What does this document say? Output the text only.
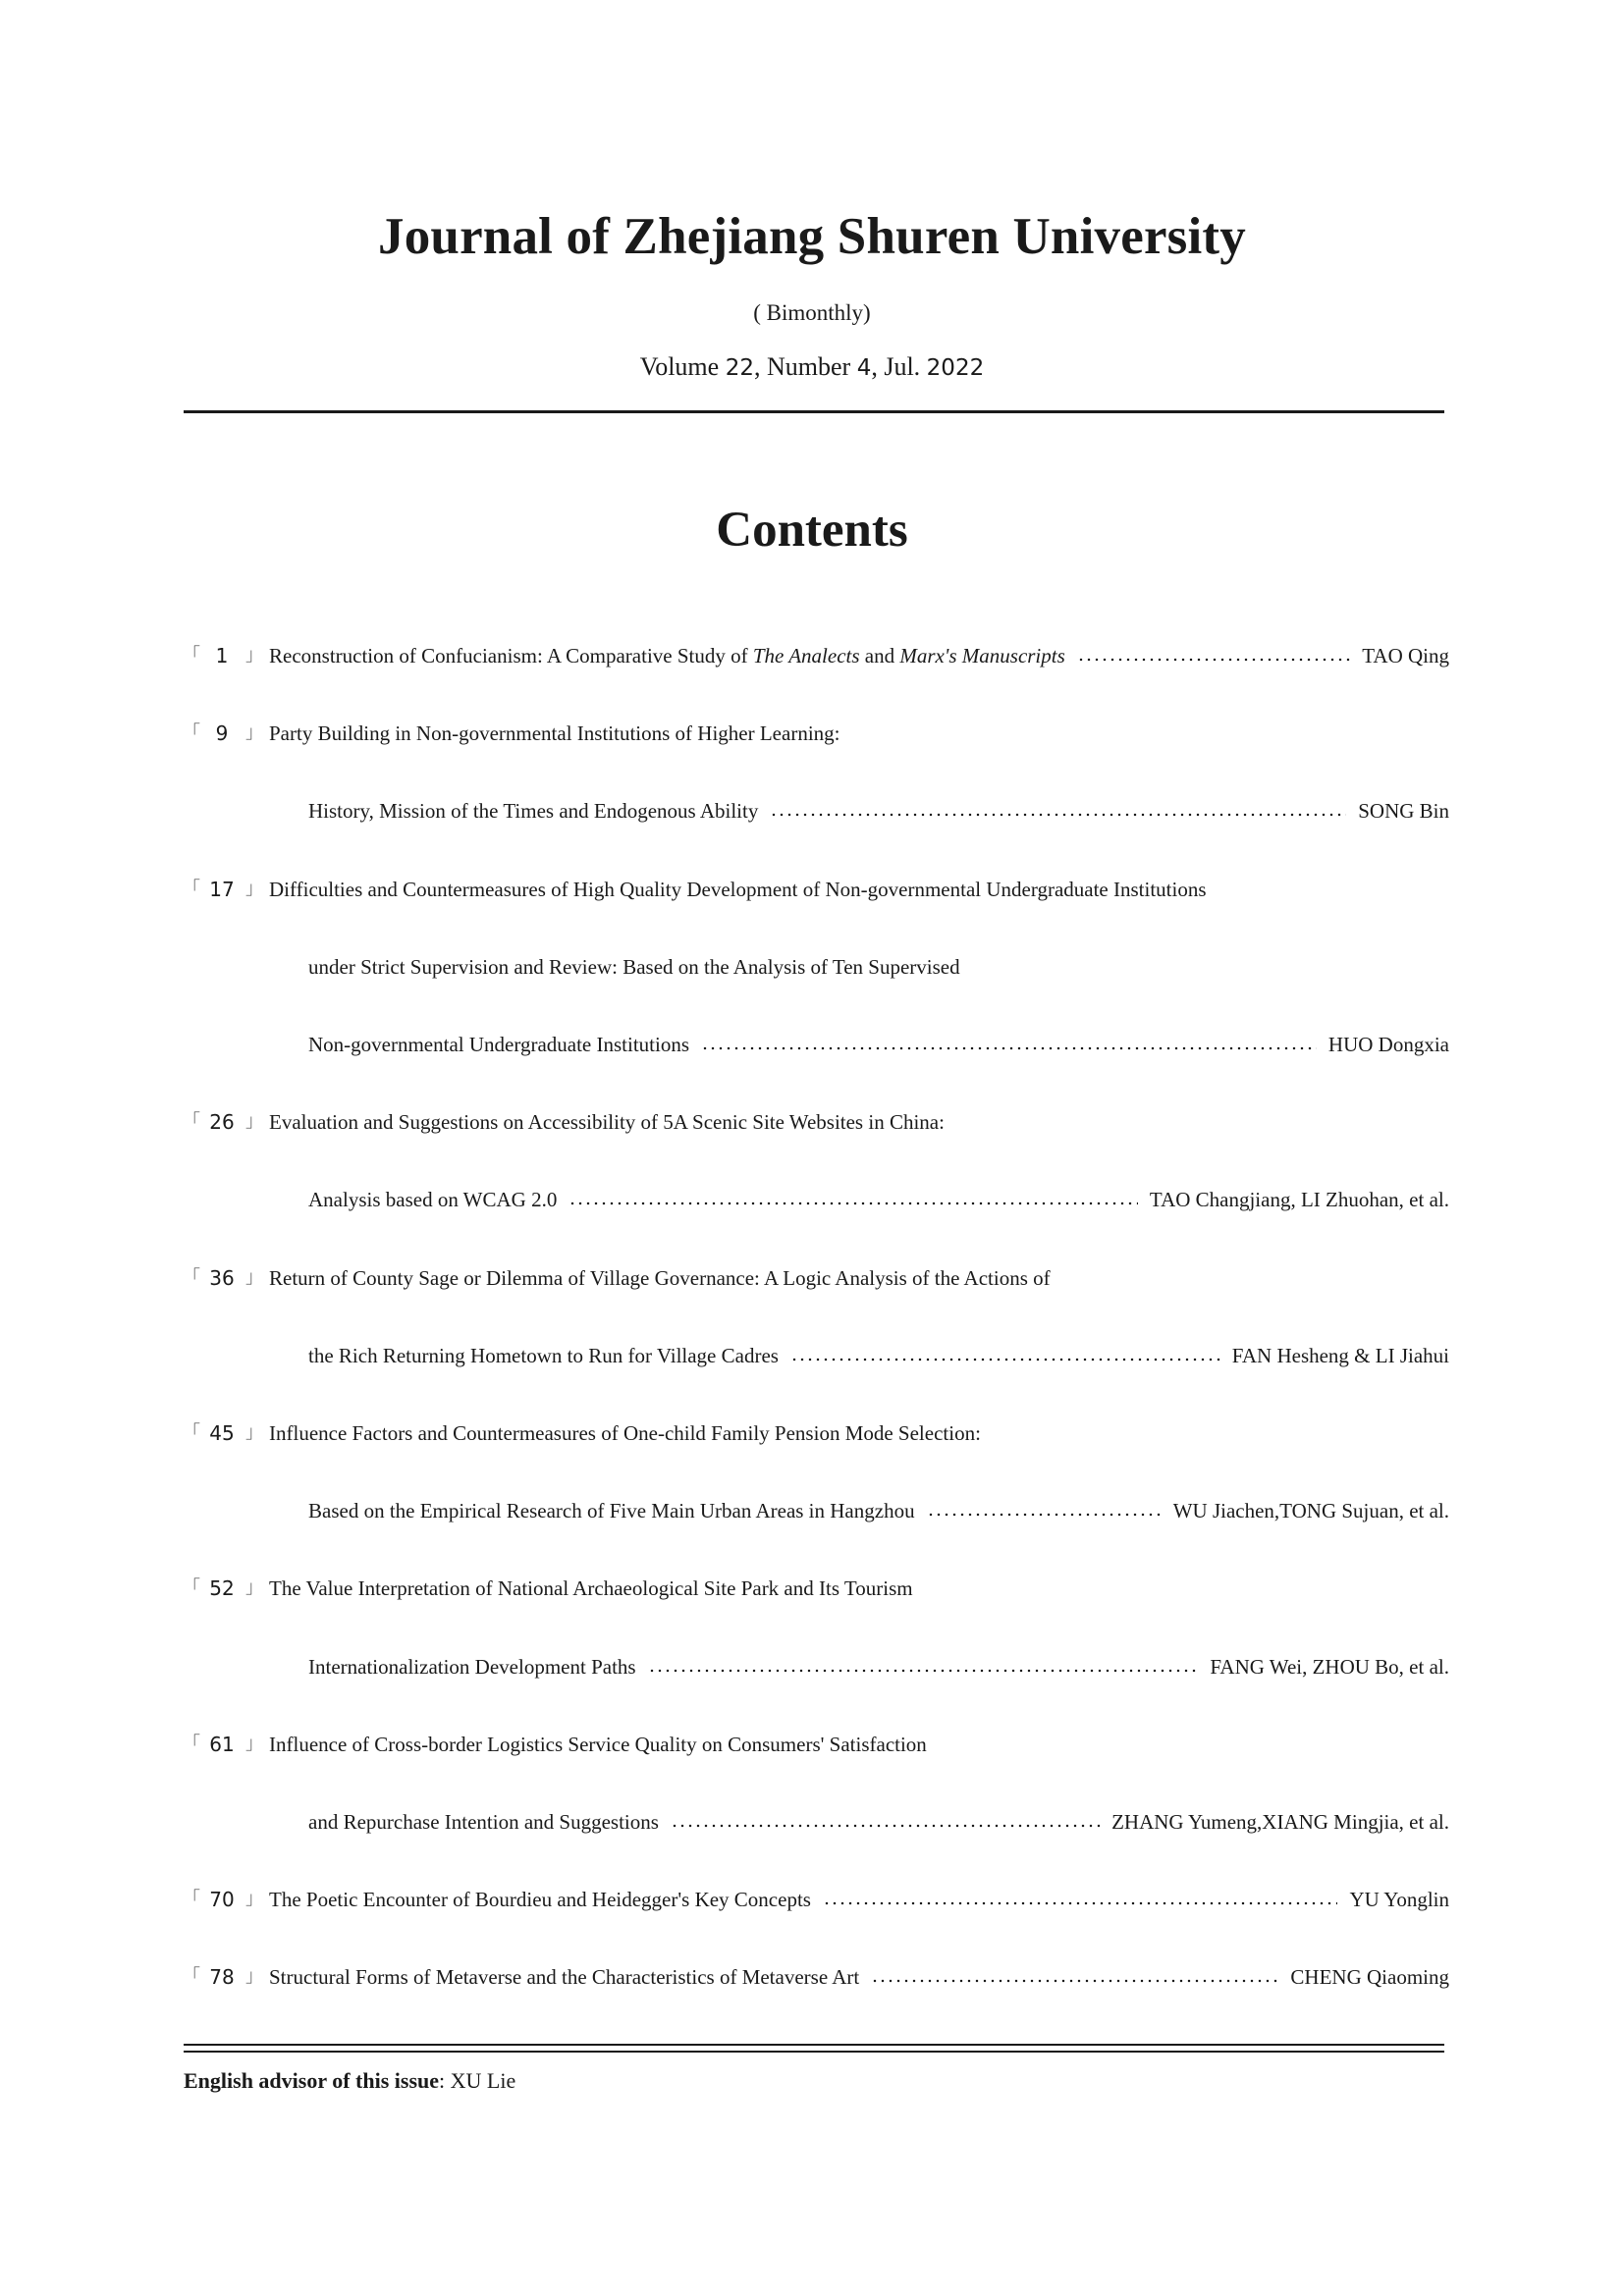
Journal of Zhejiang Shuren University
( Bimonthly)
Volume 22, Number 4, Jul. 2022
Contents
「 1 」 Reconstruction of Confucianism: A Comparative Study of The Analects and Marx's Manuscripts	TAO Qing
「 9 」 Party Building in Non-governmental Institutions of Higher Learning:
History, Mission of the Times and Endogenous Ability	SONG Bin
「 17 」 Difficulties and Countermeasures of High Quality Development of Non-governmental Undergraduate Institutions
under Strict Supervision and Review: Based on the Analysis of Ten Supervised
Non-governmental Undergraduate Institutions	HUO Dongxia
「 26 」 Evaluation and Suggestions on Accessibility of 5A Scenic Site Websites in China:
Analysis based on WCAG 2.0	TAO Changjiang, LI Zhuohan, et al.
「 36 」 Return of County Sage or Dilemma of Village Governance: A Logic Analysis of the Actions of
the Rich Returning Hometown to Run for Village Cadres	FAN Hesheng & LI Jiahui
「 45 」 Influence Factors and Countermeasures of One-child Family Pension Mode Selection:
Based on the Empirical Research of Five Main Urban Areas in Hangzhou	WU Jiachen,TONG Sujuan, et al.
「 52 」 The Value Interpretation of National Archaeological Site Park and Its Tourism
Internationalization Development Paths	FANG Wei, ZHOU Bo, et al.
「 61 」 Influence of Cross-border Logistics Service Quality on Consumers' Satisfaction
and Repurchase Intention and Suggestions	ZHANG Yumeng,XIANG Mingjia, et al.
「 70 」 The Poetic Encounter of Bourdieu and Heidegger's Key Concepts	YU Yonglin
「 78 」 Structural Forms of Metaverse and the Characteristics of Metaverse Art	CHENG Qiaoming
English advisor of this issue: XU Lie
